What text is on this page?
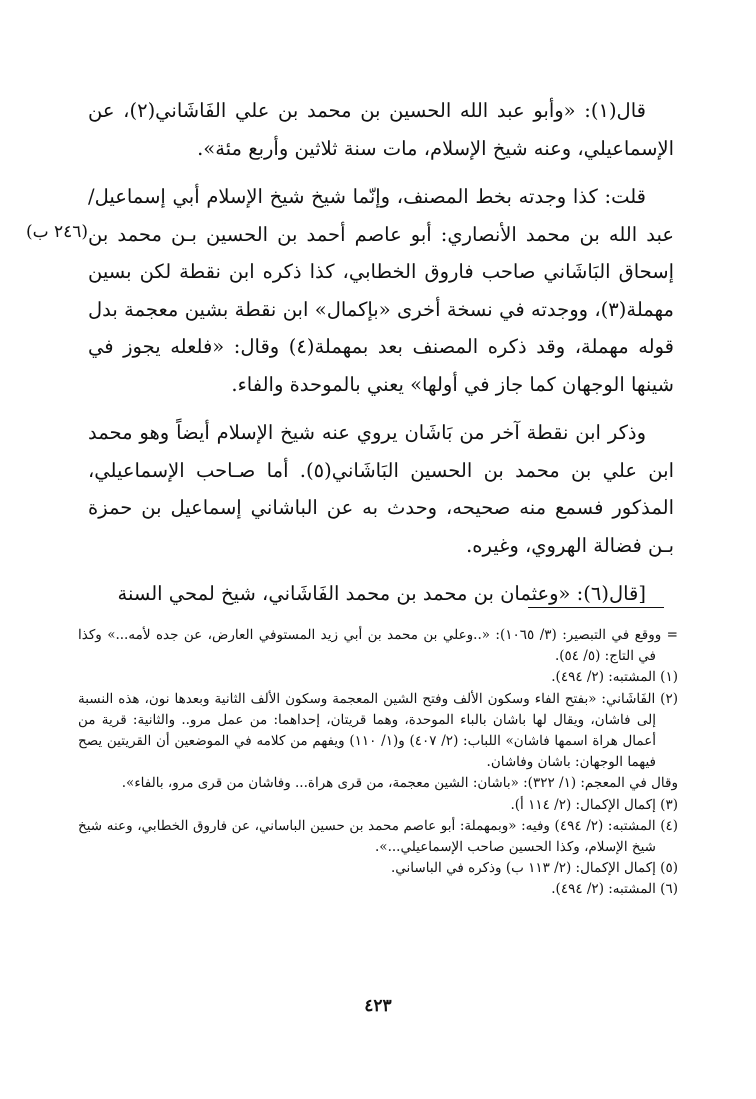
قال(١): «وأبو عبد الله الحسين بن محمد بن علي الفَاشَاني(٢)، عن الإسماعيلي، وعنه شيخ الإسلام، مات سنة ثلاثين وأربع مئة».

قلت: كذا وجدته بخط المصنف، وإنّما شيخ شيخ الإسلام أبي إسماعيل/ عبد الله بن محمد الأنصاري: أبو عاصم أحمد بن الحسين بـن محمد بن إسحاق البَاشَاني صاحب فاروق الخطابي، كذا ذكره ابن نقطة لكن بسين مهملة(٣)، ووجدته في نسخة أخرى «بإكمال» ابن نقطة بشين معجمة بدل قوله مهملة، وقد ذكره المصنف بعد بمهملة(٤) وقال: «فلعله يجوز في شينها الوجهان كما جاز في أولها» يعني بالموحدة والفاء.

وذكر ابن نقطة آخر من بَاشَان يروي عنه شيخ الإسلام أيضاً وهو محمد ابن علي بن محمد بن الحسين البَاشَاني(٥). أما صـاحب الإسماعيلي، المذكور فسمع منه صحيحه، وحدث به عن الباشاني إسماعيل بن حمزة بـن فضالة الهروي، وغيره.

[قال(٦): «وعثمان بن محمد بن محمد الفَاشَاني، شيخ لمحي السنة

(٢٤٦ ب)

= ووقع في التبصير: (٣/ ١٠٦٥): «..وعلي بن محمد بن أبي زيد المستوفي العارض، عن جده لأمه...» وكذا في التاج: (٥/ ٥٤).

(١) المشتبه: (٢/ ٤٩٤).

(٢) الفَاشَاني: «بفتح الفاء وسكون الألف وفتح الشين المعجمة وسكون الألف الثانية وبعدها نون، هذه النسبة إلى فاشان، ويقال لها باشان بالباء الموحدة، وهما قريتان، إحداهما: من عمل مرو.. والثانية: قرية من أعمال هراة اسمها فاشان» اللباب: (٢/ ٤٠٧) و(١/ ١١٠) ويفهم من كلامه في الموضعين أن القريتين يصح فيهما الوجهان: باشان وفاشان.

وقال في المعجم: (١/ ٣٢٢): «باشان: الشين معجمة، من قرى هراة... وفاشان من قرى مرو، بالفاء».

(٣) إكمال الإكمال: (٢/ ١١٤ أ).

(٤) المشتبه: (٢/ ٤٩٤) وفيه: «وبمهملة: أبو عاصم محمد بن حسين الباساني، عن فاروق الخطابي، وعنه شيخ شيخ الإسلام، وكذا الحسين صاحب الإسماعيلي...».

(٥) إكمال الإكمال: (٢/ ١١٣ ب) وذكره في الباساني.

(٦) المشتبه: (٢/ ٤٩٤).

٤٢٣
